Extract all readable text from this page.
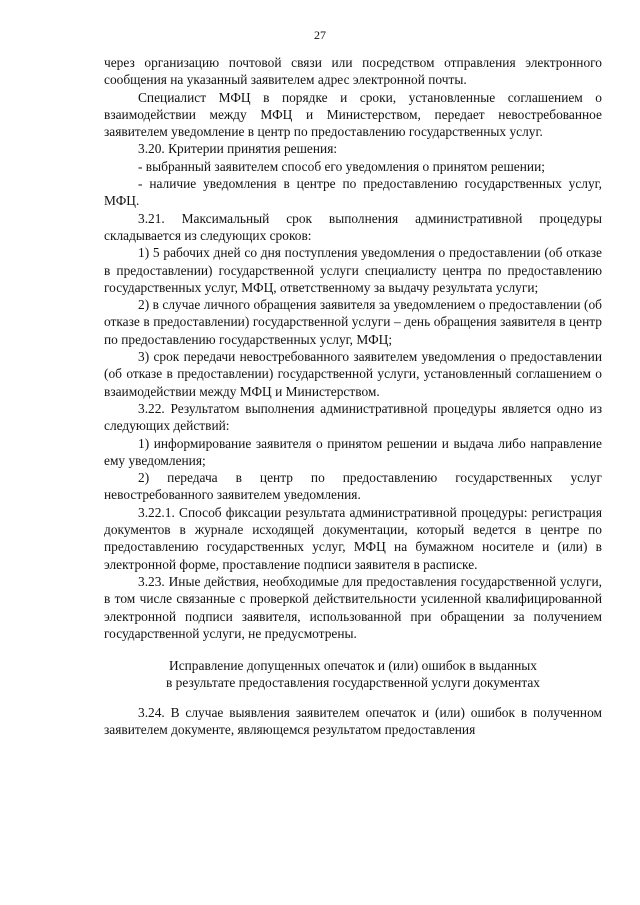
27

через организацию почтовой связи или посредством отправления электронного сообщения на указанный заявителем адрес электронной почты.

Специалист МФЦ в порядке и сроки, установленные соглашением о взаимодействии между МФЦ и Министерством, передает невостребованное заявителем уведомление в центр по предоставлению государственных услуг.

3.20. Критерии принятия решения:

- выбранный заявителем способ его уведомления о принятом решении;

- наличие уведомления в центре по предоставлению государственных услуг, МФЦ.

3.21. Максимальный срок выполнения административной процедуры складывается из следующих сроков:

1) 5 рабочих дней со дня поступления уведомления о предоставлении (об отказе в предоставлении) государственной услуги специалисту центра по предоставлению государственных услуг, МФЦ, ответственному за выдачу результата услуги;

2) в случае личного обращения заявителя за уведомлением о предоставлении (об отказе в предоставлении) государственной услуги – день обращения заявителя в центр по предоставлению государственных услуг, МФЦ;

3) срок передачи невостребованного заявителем уведомления о предоставлении (об отказе в предоставлении) государственной услуги, установленный соглашением о взаимодействии между МФЦ и Министерством.

3.22. Результатом выполнения административной процедуры является одно из следующих действий:

1) информирование заявителя о принятом решении и выдача либо направление ему уведомления;

2) передача в центр по предоставлению государственных услуг невостребованного заявителем уведомления.

3.22.1. Способ фиксации результата административной процедуры: регистрация документов в журнале исходящей документации, который ведется в центре по предоставлению государственных услуг, МФЦ на бумажном носителе и (или) в электронной форме, проставление подписи заявителя в расписке.

3.23. Иные действия, необходимые для предоставления государственной услуги, в том числе связанные с проверкой действительности усиленной квалифицированной электронной подписи заявителя, использованной при обращении за получением государственной услуги, не предусмотрены.

Исправление допущенных опечаток и (или) ошибок в выданных
в результате предоставления государственной услуги документах

3.24. В случае выявления заявителем опечаток и (или) ошибок в полученном заявителем документе, являющемся результатом предоставления
